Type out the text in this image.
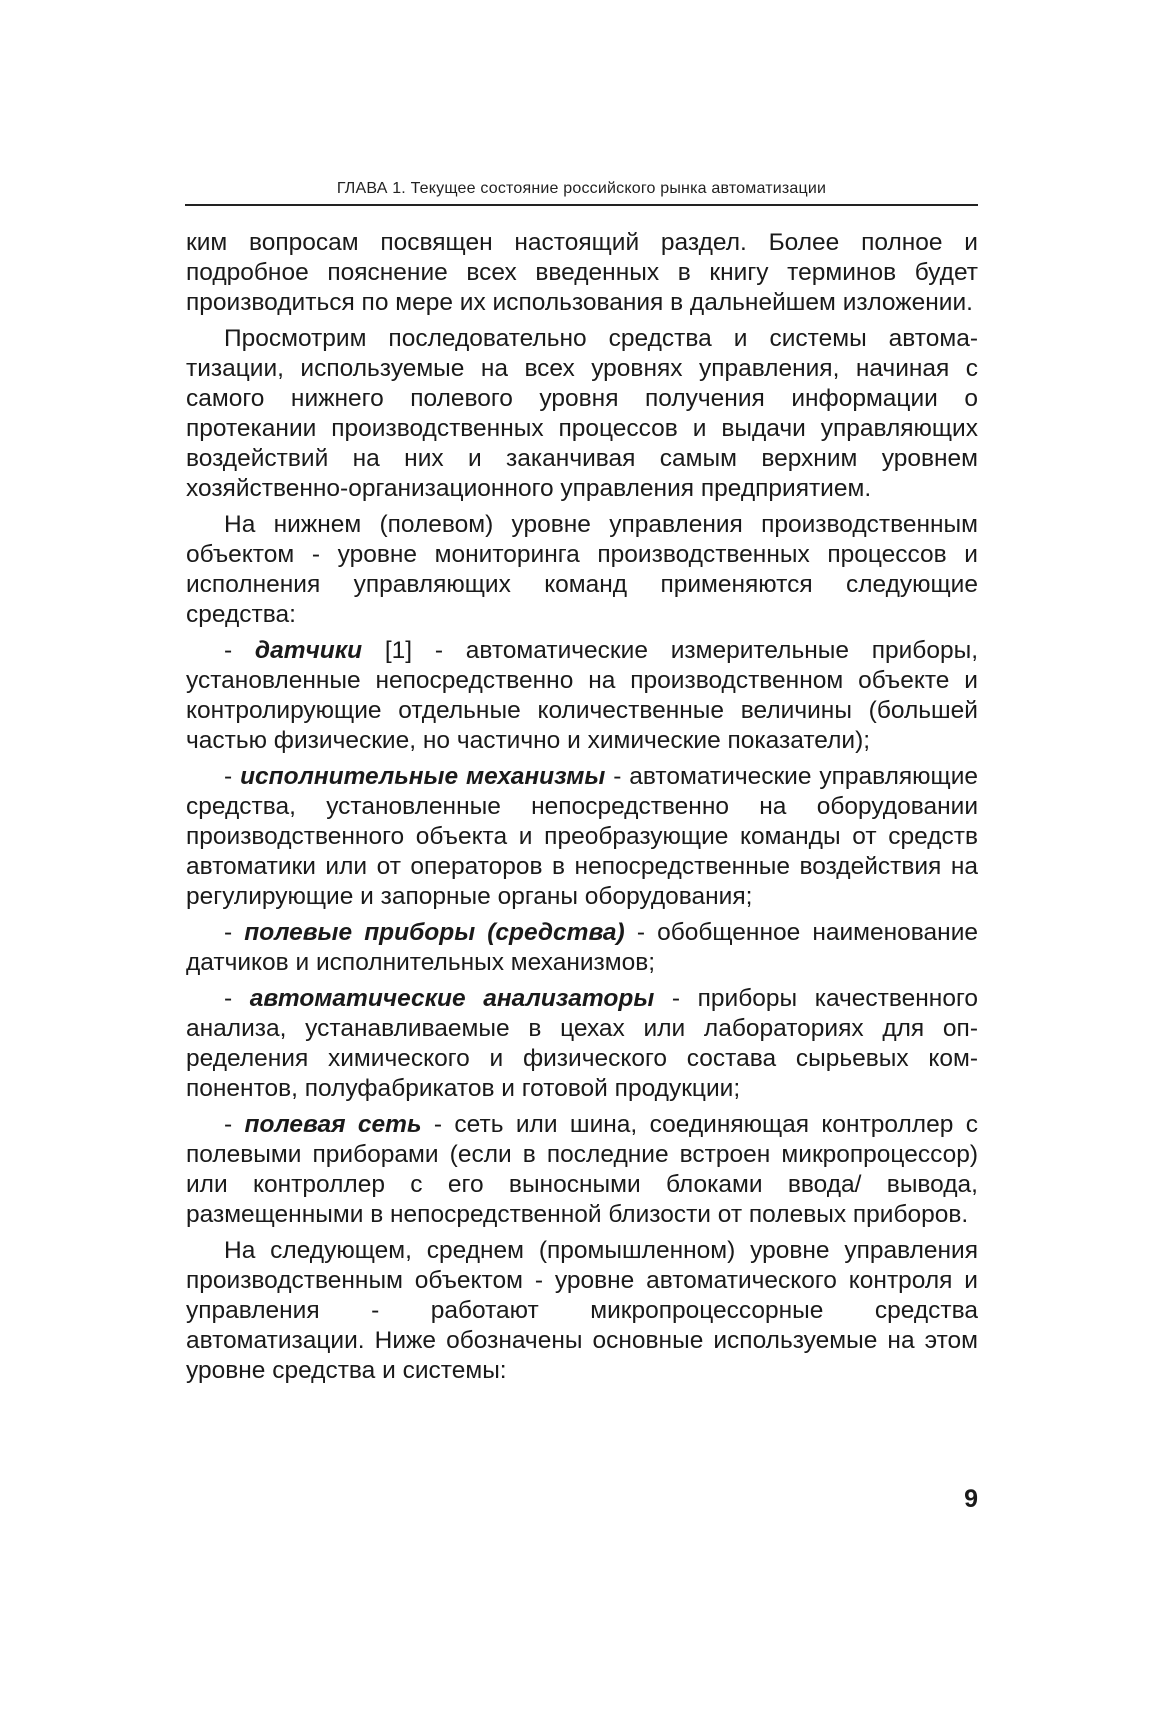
ГЛАВА 1. Текущее состояние российского рынка автоматизации

ким вопросам посвящен настоящий раздел. Более полное и подробное пояснение всех введенных в книгу терминов будет производиться по мере их использования в дальнейшем изложении.

Просмотрим последовательно средства и системы автоматизации, используемые на всех уровнях управления, начиная с самого нижнего полевого уровня получения информации о протекании производственных процессов и выдачи управляющих воздействий на них и заканчивая самым верхним уровнем хозяйственно-организационного управления предприятием.

На нижнем (полевом) уровне управления производственным объектом - уровне мониторинга производственных процессов и исполнения управляющих команд применяются следующие средства:

- датчики [1] - автоматические измерительные приборы, установленные непосредственно на производственном объекте и контролирующие отдельные количественные величины (большей частью физические, но частично и химические показатели);

- исполнительные механизмы - автоматические управляющие средства, установленные непосредственно на оборудовании производственного объекта и преобразующие команды от средств автоматики или от операторов в непосредственные воздействия на регулирующие и запорные органы оборудования;

- полевые приборы (средства) - обобщенное наименование датчиков и исполнительных механизмов;

- автоматические анализаторы - приборы качественного анализа, устанавливаемые в цехах или лабораториях для определения химического и физического состава сырьевых компонентов, полуфабрикатов и готовой продукции;

- полевая сеть - сеть или шина, соединяющая контроллер с полевыми приборами (если в последние встроен микропроцессор) или контроллер с его выносными блоками ввода/ вывода, размещенными в непосредственной близости от полевых приборов.

На следующем, среднем (промышленном) уровне управления производственным объектом - уровне автоматического контроля и управления - работают микропроцессорные средства автоматизации. Ниже обозначены основные используемые на этом уровне средства и системы:

9
